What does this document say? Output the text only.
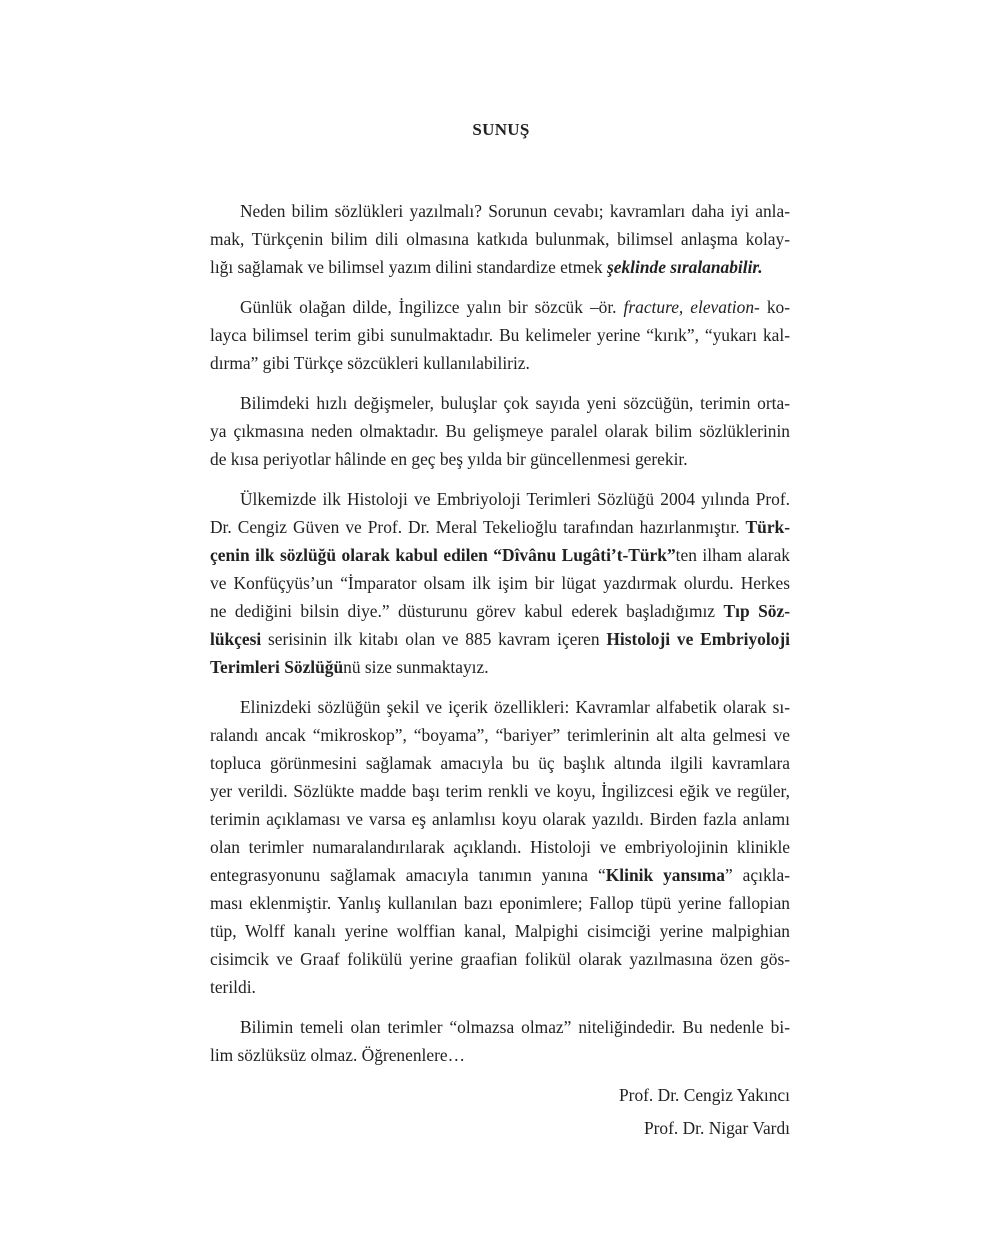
SUNUŞ
Neden bilim sözlükleri yazılmalı? Sorunun cevabı; kavramları daha iyi anla-
mak, Türkçenin bilim dili olmasına katkıda bulunmak, bilimsel anlaşma kolay-
lığı sağlamak ve bilimsel yazım dilini standardize etmek şeklinde sıralanabilir.
Günlük olağan dilde, İngilizce yalın bir sözcük –ör. fracture, elevation- ko-
layca bilimsel terim gibi sunulmaktadır. Bu kelimeler yerine “kırık”, “yukarı kal-
dırma” gibi Türkçe sözcükleri kullanılabiliriz.
Bilimdeki hızlı değişmeler, buluşlar çok sayıda yeni sözcüğün, terimin orta-
ya çıkmasına neden olmaktadır. Bu gelişmeye paralel olarak bilim sözlüklerinin
de kısa periyotlar hâlinde en geç beş yılda bir güncellenmesi gerekir.
Ülkemizde ilk Histoloji ve Embrіyoloji Terimleri Sözlüğü 2004 yılında Prof.
Dr. Cengiz Güven ve Prof. Dr. Meral Tekelioğlu tarafından hazırlanmıştır. Türk-
çenin ilk sözlüğü olarak kabul edilen “Dîvânu Lugâti’t-Türk”ten ilham alarak
ve Konfüçyüs’un “İmparator olsam ilk işim bir lügat yazdırmak olurdu. Herkes
ne dediğini bilsin diye.” düsturunu görev kabul ederek başladığımız Tıp Söz-
lükçesi serisinin ilk kitabı olan ve 885 kavram içeren Histoloji ve Embriyoloji
Terimleri Sözlüğünü size sunmaktayız.
Elinizdeki sözlüğün şekil ve içerik özellikleri: Kavramlar alfabetik olarak sı-
ralandı ancak “mikroskop”, “boyama”, “bariyer” terimlerinin alt alta gelmesi ve
topluca görünmesini sağlamak amacıyla bu üç başlık altında ilgili kavramlara
yer verildi. Sözlükte madde başı terim renkli ve koyu, İngilizcesi eğik ve regüler,
terimin açıklaması ve varsa eş anlamlısı koyu olarak yazıldı. Birden fazla anlamı
olan terimler numaralandırılarak açıklandı. Histoloji ve embriyolojinin klinikle
entegrasyonunu sağlamak amacıyla tanımın yanına “Klinik yansıma” açıkla-
ması eklenmiştir. Yanlış kullanılan bazı eponimlere; Fallop tüpü yerine fallopian
tüp, Wolff kanalı yerine wolffian kanal, Malpighi cisimciği yerine malpighian
cisimcik ve Graaf folikülü yerine graafian folikül olarak yazılmasına özen gös-
terildi.
Bilimin temeli olan terimler “olmazsa olmaz” niteliğindedir. Bu nedenle bi-
lim sözlüksüz olmaz. Öğrenenlere…
Prof. Dr. Cengiz Yakıncı
Prof. Dr. Nigar Vardı
